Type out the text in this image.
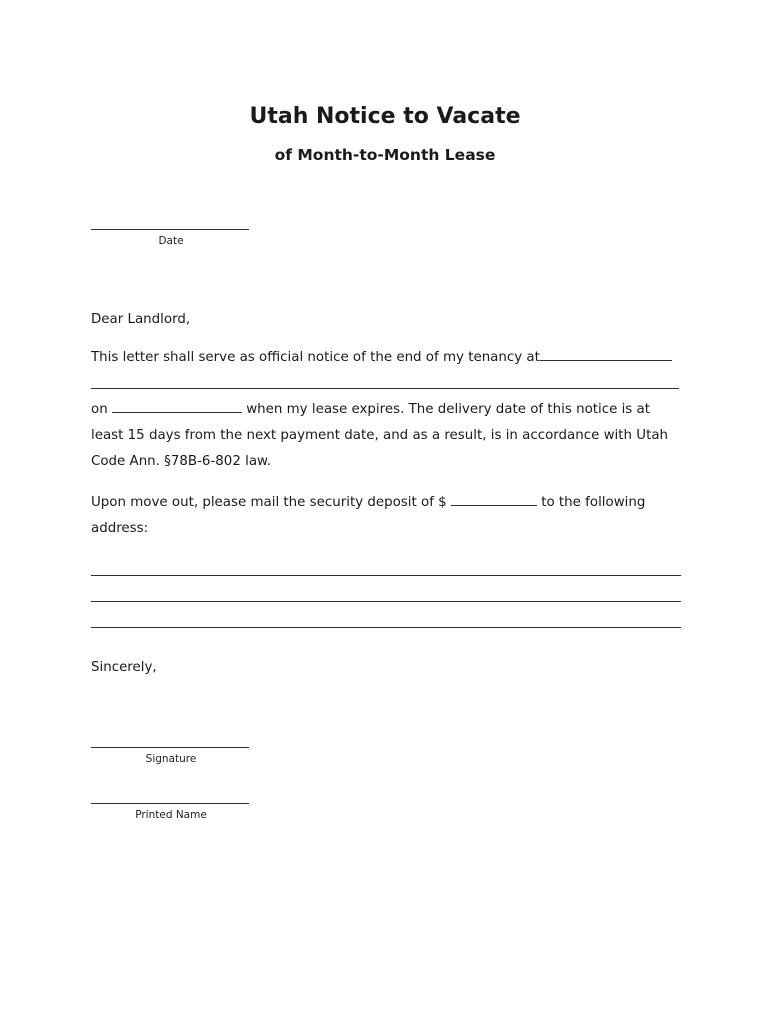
Utah Notice to Vacate
of Month-to-Month Lease
Date
Dear Landlord,
This letter shall serve as official notice of the end of my tenancy at
on	when my lease expires. The delivery date of this notice is at
least 15 days from the next payment date, and as a result, is in accordance with Utah
Code Ann. §78B-6-802 law.
Upon move out, please mail the security deposit of $	to the following
address:
Sincerely,
Signature
Printed Name
